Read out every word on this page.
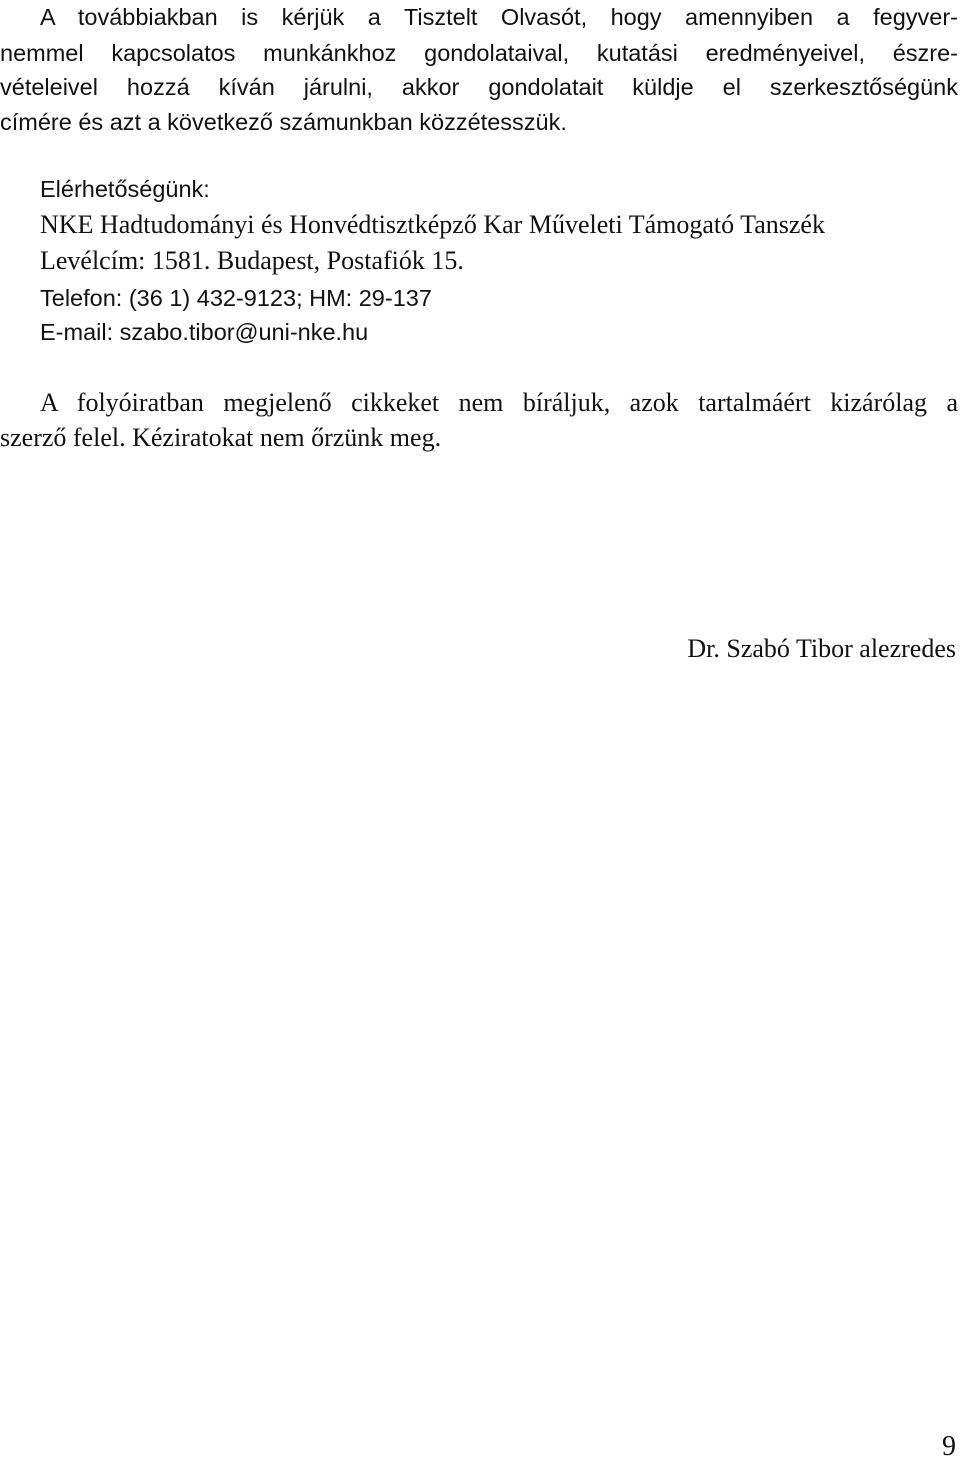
A továbbiakban is kérjük a Tisztelt Olvasót, hogy amennyiben a fegyver-
nemmel kapcsolatos munkánkhoz gondolataival, kutatási eredményeivel, észre-
vételeivel hozzá kíván járulni, akkor gondolatait küldje el szerkesztőségünk
címére és azt a következő számunkban közzétesszük.
Elérhetőségünk:
NKE Hadtudományi és Honvédtisztképző Kar Műveleti Támogató Tanszék
Levélcím: 1581. Budapest, Postafiók 15.
Telefon: (36 1) 432-9123; HM: 29-137
E-mail: szabo.tibor@uni-nke.hu
A folyóiratban megjelenő cikkeket nem bíráljuk, azok tartalmáért kizárólag a
szerző felel. Kéziratokat nem őrzünk meg.
Dr. Szabó Tibor alezredes
9
